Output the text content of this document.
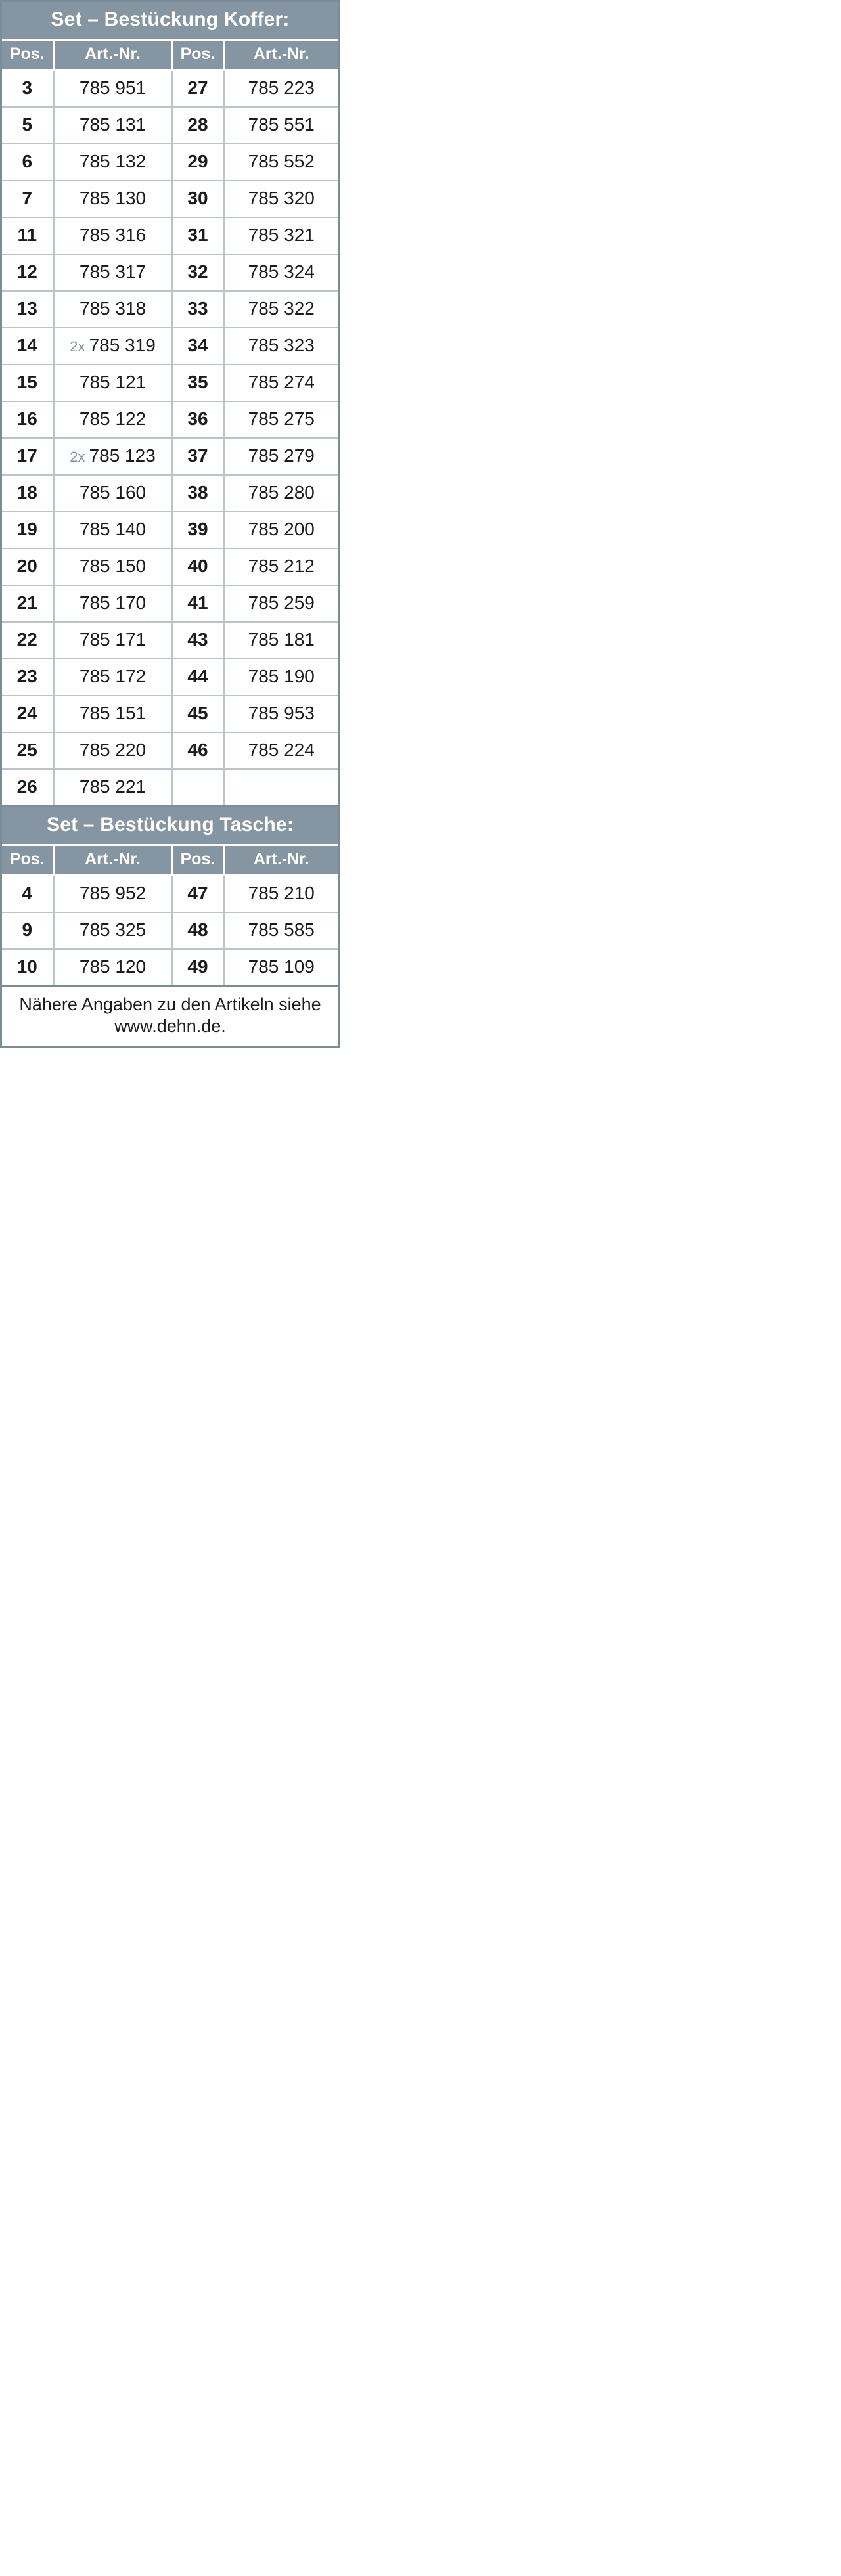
Set – Bestückung Koffer:
Pos.	Art.-Nr.	Pos.	Art.-Nr.
3	785 951	27	785 223
5	785 131	28	785 551
6	785 132	29	785 552
7	785 130	30	785 320
11	785 316	31	785 321
12	785 317	32	785 324
13	785 318	33	785 322
14	2x 785 319	34	785 323
15	785 121	35	785 274
16	785 122	36	785 275
17	2x 785 123	37	785 279
18	785 160	38	785 280
19	785 140	39	785 200
20	785 150	40	785 212
21	785 170	41	785 259
22	785 171	43	785 181
23	785 172	44	785 190
24	785 151	45	785 953
25	785 220	46	785 224
26	785 221		
Set – Bestückung Tasche:
Pos.	Art.-Nr.	Pos.	Art.-Nr.
4	785 952	47	785 210
9	785 325	48	785 585
10	785 120	49	785 109
Nähere Angaben zu den Artikeln siehe www.dehn.de.
